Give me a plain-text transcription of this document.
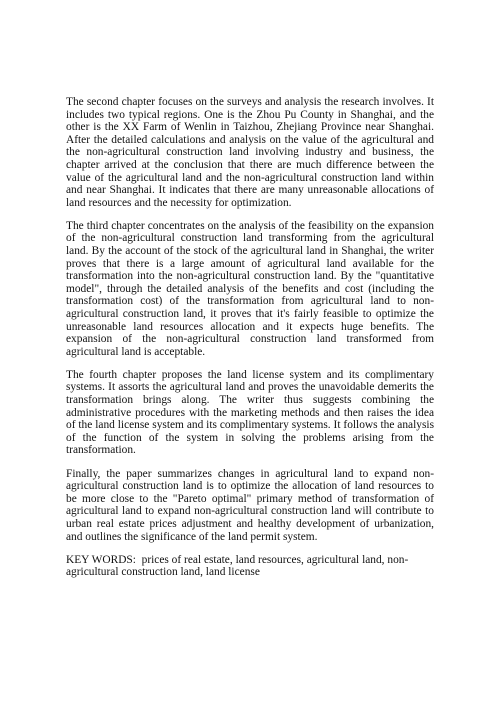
The second chapter focuses on the surveys and analysis the research involves. It includes two typical regions. One is the Zhou Pu County in Shanghai, and the other is the XX Farm of Wenlin in Taizhou, Zhejiang Province near Shanghai. After the detailed calculations and analysis on the value of the agricultural and the non-agricultural construction land involving industry and business, the chapter arrived at the conclusion that there are much difference between the value of the agricultural land and the non-agricultural construction land within and near Shanghai. It indicates that there are many unreasonable allocations of land resources and the necessity for optimization.

The third chapter concentrates on the analysis of the feasibility on the expansion of the non-agricultural construction land transforming from the agricultural land. By the account of the stock of the agricultural land in Shanghai, the writer proves that there is a large amount of agricultural land available for the transformation into the non-agricultural construction land. By the "quantitative model", through the detailed analysis of the benefits and cost (including the transformation cost) of the transformation from agricultural land to non-agricultural construction land, it proves that it's fairly feasible to optimize the unreasonable land resources allocation and it expects huge benefits. The expansion of the non-agricultural construction land transformed from agricultural land is acceptable.

The fourth chapter proposes the land license system and its complimentary systems. It assorts the agricultural land and proves the unavoidable demerits the transformation brings along. The writer thus suggests combining the administrative procedures with the marketing methods and then raises the idea of the land license system and its complimentary systems. It follows the analysis of the function of the system in solving the problems arising from the transformation.

Finally, the paper summarizes changes in agricultural land to expand non-agricultural construction land is to optimize the allocation of land resources to be more close to the "Pareto optimal" primary method of transformation of agricultural land to expand non-agricultural construction land will contribute to urban real estate prices adjustment and healthy development of urbanization, and outlines the significance of the land permit system.

KEY WORDS: prices of real estate, land resources, agricultural land, non-agricultural construction land, land license
